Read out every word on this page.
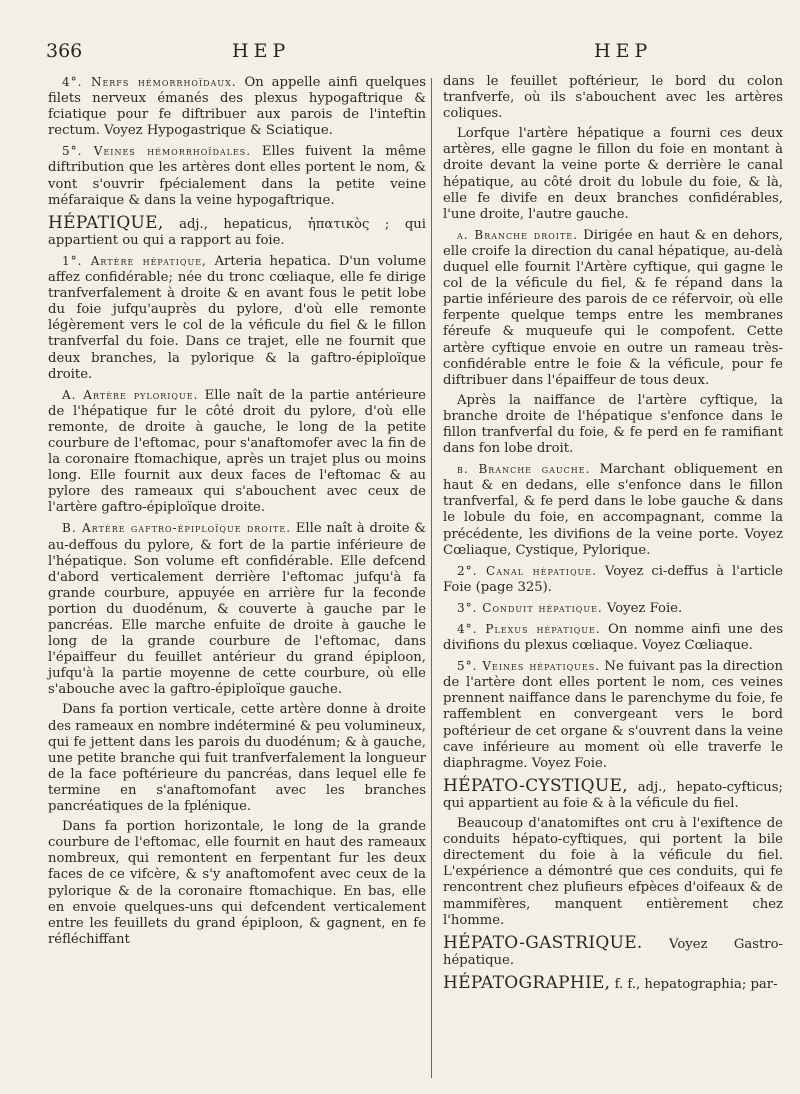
366	HEP	HEP

4°. Nerfs hémorrhoïdaux. On appelle ainfi quelques filets nerveux émanés des plexus hypogaftrique & fciatique pour fe diftribuer aux parois de l'inteftin rectum. Voyez Hypogastrique & Sciatique.

5°. Veines hémorrhoïdales. Elles fuivent la même diftribution que les artères dont elles portent le nom, & vont s'ouvrir fpécialement dans la petite veine méfaraique & dans la veine hypogaftrique.

HÉPATIQUE, adj., hepaticus, ἡπατικὸς ; qui appartient ou qui a rapport au foie.

1°. Artère hépatique, Arteria hepatica. D'un volume affez confidérable; née du tronc cœliaque, elle fe dirige tranfverfalement à droite & en avant fous le petit lobe du foie jufqu'auprès du pylore, d'où elle remonte légèrement vers le col de la véficule du fiel & le fillon tranfverfal du foie. Dans ce trajet, elle ne fournit que deux branches, la pylorique & la gaftro-épiploïque droite.

A. Artère pylorique. Elle naît de la partie antérieure de l'hépatique fur le côté droit du pylore, d'où elle remonte, de droite à gauche, le long de la petite courbure de l'eftomac, pour s'anaftomofer avec la fin de la coronaire ftomachique, après un trajet plus ou moins long. Elle fournit aux deux faces de l'eftomac & au pylore des rameaux qui s'abouchent avec ceux de l'artère gaftro-épiploïque droite.

B. Artère gaftro-épiploïque droite. Elle naît à droite & au-deffous du pylore, & fort de la partie inférieure de l'hépatique. Son volume eft confidérable. Elle defcend d'abord verticalement derrière l'eftomac jufqu'à fa grande courbure, appuyée en arrière fur la feconde portion du duodénum, & couverte à gauche par le pancréas. Elle marche enfuite de droite à gauche le long de la grande courbure de l'eftomac, dans l'épaiffeur du feuillet antérieur du grand épiploon, jufqu'à la partie moyenne de cette courbure, où elle s'abouche avec la gaftro-épiploïque gauche.

Dans fa portion verticale, cette artère donne à droite des rameaux en nombre indéterminé & peu volumineux, qui fe jettent dans les parois du duodénum; & à gauche, une petite branche qui fuit tranfverfalement la longueur de la face poftérieure du pancréas, dans lequel elle fe termine en s'anaftomofant avec les branches pancréatiques de la fplénique.

Dans fa portion horizontale, le long de la grande courbure de l'eftomac, elle fournit en haut des rameaux nombreux, qui remontent en ferpentant fur les deux faces de ce vifcère, & s'y anaftomofent avec ceux de la pylorique & de la coronaire ftomachique. En bas, elle en envoie quelques-uns qui defcendent verticalement entre les feuillets du grand épiploon, & gagnent, en fe réfléchiffant

dans le feuillet poftérieur, le bord du colon tranfverfe, où ils s'abouchent avec les artères coliques.

Lorfque l'artère hépatique a fourni ces deux artères, elle gagne le fillon du foie en montant à droite devant la veine porte & derrière le canal hépatique, au côté droit du lobule du foie, & là, elle fe divife en deux branches confidérables, l'une droite, l'autre gauche.

a. Branche droite. Dirigée en haut & en dehors, elle croife la direction du canal hépatique, au-delà duquel elle fournit l'Artère cyftique, qui gagne le col de la véficule du fiel, & fe répand dans la partie inférieure des parois de ce réfervoir, où elle ferpente quelque temps entre les membranes féreufe & muqueufe qui le compofent. Cette artère cyftique envoie en outre un rameau très-confidérable entre le foie & la véficule, pour fe diftribuer dans l'épaiffeur de tous deux.

Après la naiffance de l'artère cyftique, la branche droite de l'hépatique s'enfonce dans le fillon tranfverfal du foie, & fe perd en fe ramifiant dans fon lobe droit.

b. Branche gauche. Marchant obliquement en haut & en dedans, elle s'enfonce dans le fillon tranfverfal, & fe perd dans le lobe gauche & dans le lobule du foie, en accompagnant, comme la précédente, les divifions de la veine porte. Voyez Cœliaque, Cystique, Pylorique.

2°. Canal hépatique. Voyez ci-deffus à l'article Foie (page 325).

3°. Conduit hépatique. Voyez Foie.

4°. Plexus hépatique. On nomme ainfi une des divifions du plexus cœliaque. Voyez Cœliaque.

5°. Veines hépatiques. Ne fuivant pas la direction de l'artère dont elles portent le nom, ces veines prennent naiffance dans le parenchyme du foie, fe raffemblent en convergeant vers le bord poftérieur de cet organe & s'ouvrent dans la veine cave inférieure au moment où elle traverfe le diaphragme. Voyez Foie.

HÉPATO-CYSTIQUE, adj., hepato-cyfticus; qui appartient au foie & à la véficule du fiel.

Beaucoup d'anatomiftes ont cru à l'exiftence de conduits hépato-cyftiques, qui portent la bile directement du foie à la véficule du fiel. L'expérience a démontré que ces conduits, qui fe rencontrent chez plufieurs efpèces d'oifeaux & de mammifères, manquent entièrement chez l'homme.

HÉPATO-GASTRIQUE. Voyez Gastro-hépatique.

HÉPATOGRAPHIE, f. f., hepatographia; par-
